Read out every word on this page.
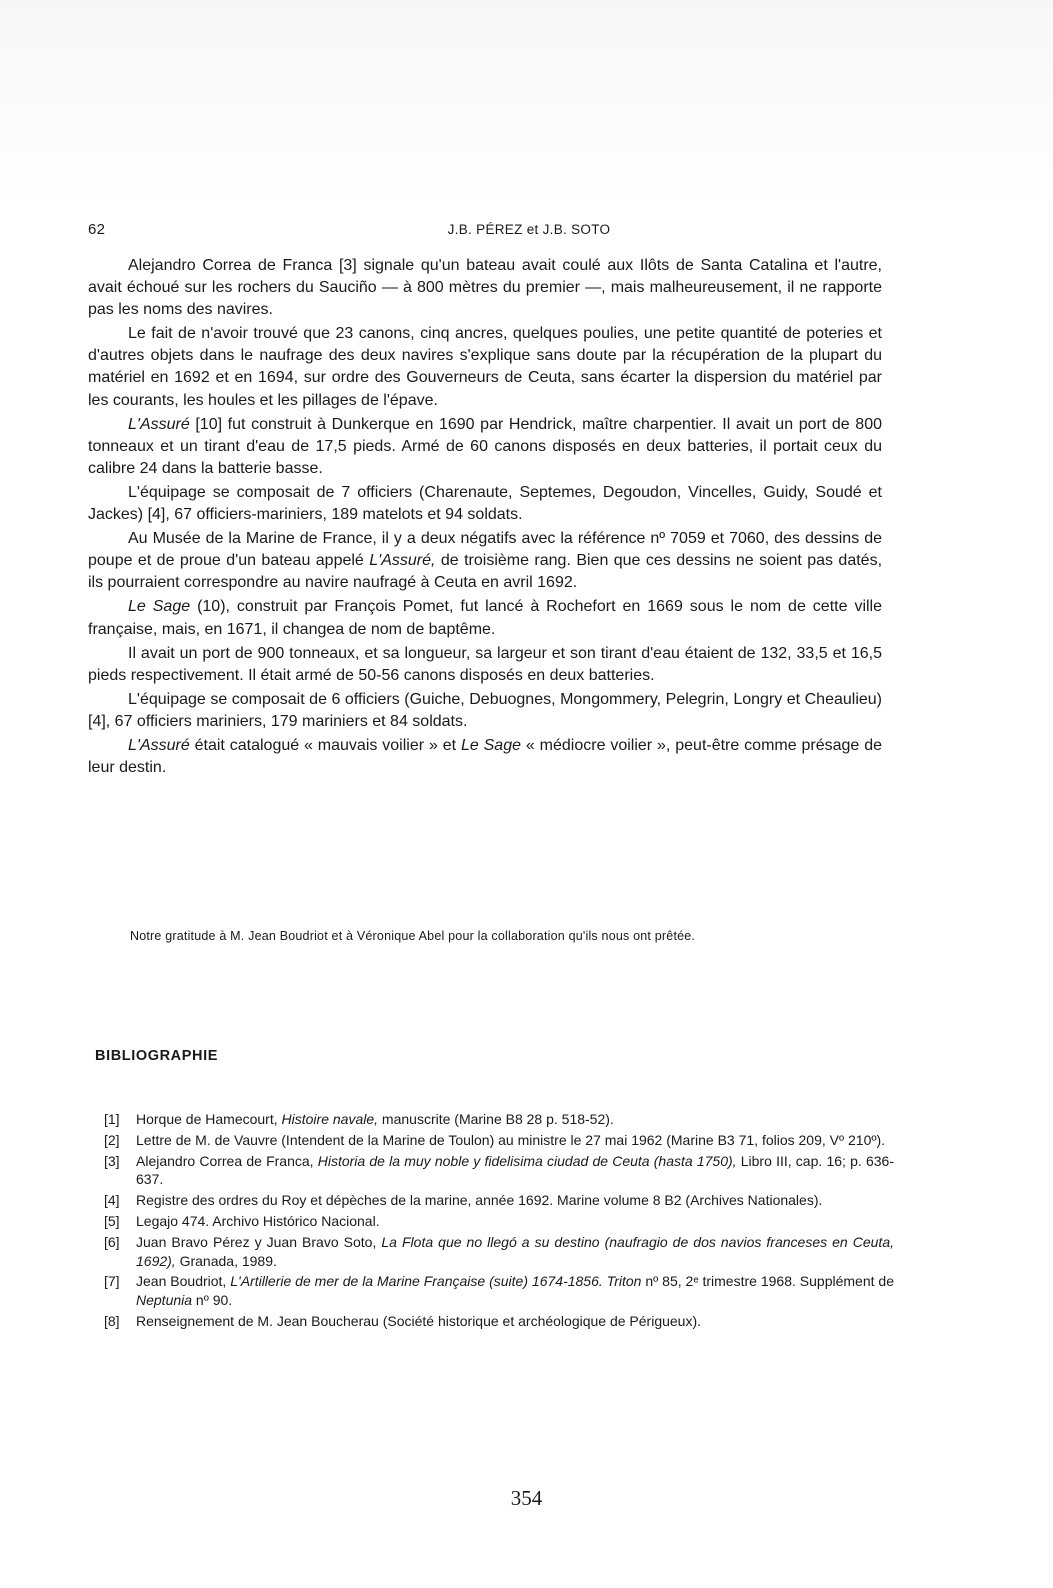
62	J.B. PÉREZ et J.B. SOTO

Alejandro Correa de Franca [3] signale qu'un bateau avait coulé aux Ilôts de Santa Catalina et l'autre, avait échoué sur les rochers du Sauciño — à 800 mètres du premier —, mais malheureusement, il ne rapporte pas les noms des navires.

Le fait de n'avoir trouvé que 23 canons, cinq ancres, quelques poulies, une petite quantité de poteries et d'autres objets dans le naufrage des deux navires s'explique sans doute par la récupération de la plupart du matériel en 1692 et en 1694, sur ordre des Gouverneurs de Ceuta, sans écarter la dispersion du matériel par les courants, les houles et les pillages de l'épave.

L'Assuré [10] fut construit à Dunkerque en 1690 par Hendrick, maître charpentier. Il avait un port de 800 tonneaux et un tirant d'eau de 17,5 pieds. Armé de 60 canons disposés en deux batteries, il portait ceux du calibre 24 dans la batterie basse.

L'équipage se composait de 7 officiers (Charenaute, Septemes, Degoudon, Vincelles, Guidy, Soudé et Jackes) [4], 67 officiers-mariniers, 189 matelots et 94 soldats.

Au Musée de la Marine de France, il y a deux négatifs avec la référence nº 7059 et 7060, des dessins de poupe et de proue d'un bateau appelé L'Assuré, de troisième rang. Bien que ces dessins ne soient pas datés, ils pourraient correspondre au navire naufragé à Ceuta en avril 1692.

Le Sage (10), construit par François Pomet, fut lancé à Rochefort en 1669 sous le nom de cette ville française, mais, en 1671, il changea de nom de baptême.

Il avait un port de 900 tonneaux, et sa longueur, sa largeur et son tirant d'eau étaient de 132, 33,5 et 16,5 pieds respectivement. Il était armé de 50-56 canons disposés en deux batteries.

L'équipage se composait de 6 officiers (Guiche, Debuognes, Mongommery, Pelegrin, Longry et Cheaulieu) [4], 67 officiers mariniers, 179 mariniers et 84 soldats.

L'Assuré était catalogué « mauvais voilier » et Le Sage « médiocre voilier », peut-être comme présage de leur destin.

Notre gratitude à M. Jean Boudriot et à Véronique Abel pour la collaboration qu'ils nous ont prêtée.
BIBLIOGRAPHIE
[1] Horque de Hamecourt, Histoire navale, manuscrite (Marine B8 28 p. 518-52).
[2] Lettre de M. de Vauvre (Intendent de la Marine de Toulon) au ministre le 27 mai 1962 (Marine B3 71, folios 209, Vº 210º).
[3] Alejandro Correa de Franca, Historia de la muy noble y fidelisima ciudad de Ceuta (hasta 1750), Libro III, cap. 16; p. 636-637.
[4] Registre des ordres du Roy et dépèches de la marine, année 1692. Marine volume 8 B2 (Archives Nationales).
[5] Legajo 474. Archivo Histórico Nacional.
[6] Juan Bravo Pérez y Juan Bravo Soto, La Flota que no llegó a su destino (naufragio de dos navios franceses en Ceuta, 1692), Granada, 1989.
[7] Jean Boudriot, L'Artillerie de mer de la Marine Française (suite) 1674-1856. Triton nº 85, 2ᵉ trimestre 1968. Supplément de Neptunia nº 90.
[8] Renseignement de M. Jean Boucherau (Société historique et archéologique de Périgueux).
354
